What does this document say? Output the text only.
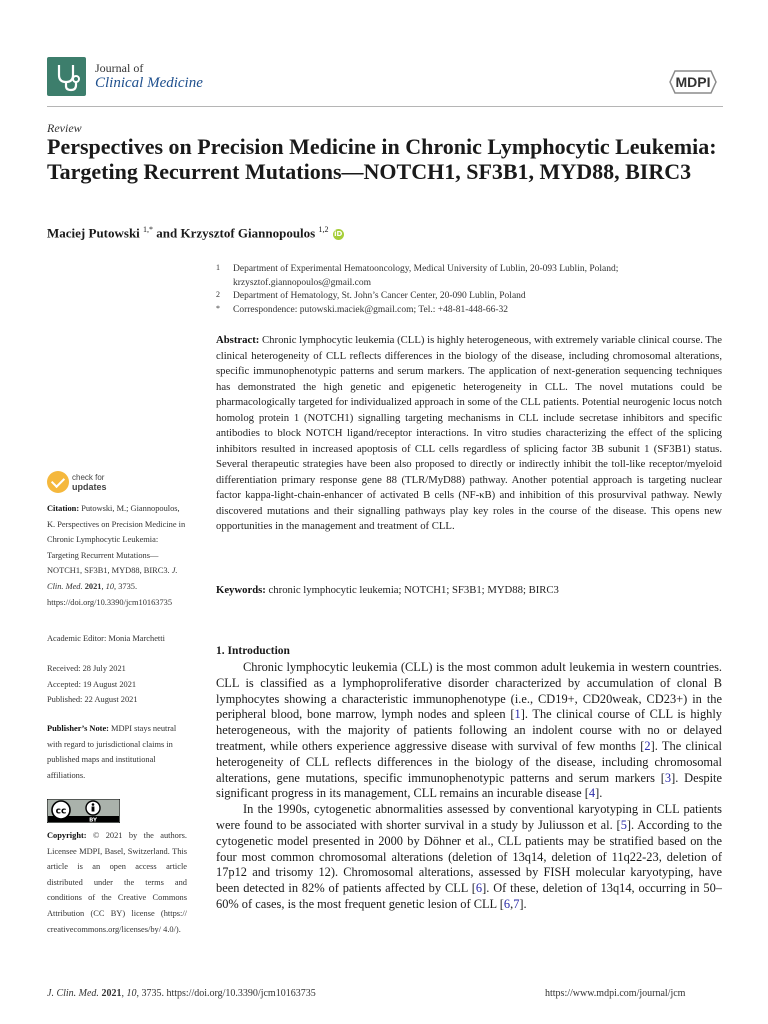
Journal of
Clinical Medicine	MDPI
Review
Perspectives on Precision Medicine in Chronic Lymphocytic Leukemia: Targeting Recurrent Mutations—NOTCH1, SF3B1, MYD88, BIRC3
Maciej Putowski $^{1,*}$ and Krzysztof Giannopoulos $^{1,2}$ iD
1 Department of Experimental Hematooncology, Medical University of Lublin, 20-093 Lublin, Poland;
krzysztof.giannopoulos@gmail.com
2 Department of Hematology, St. John’s Cancer Center, 20-090 Lublin, Poland
* Correspondence: putowski.maciek@gmail.com; Tel.: +48-81-448-66-32
Abstract: Chronic lymphocytic leukemia (CLL) is highly heterogeneous, with extremely variable clinical course. The clinical heterogeneity of CLL reflects differences in the biology of the disease, including chromosomal alterations, specific immunophenotypic patterns and serum markers. The application of next-generation sequencing techniques has demonstrated the high genetic and epigenetic heterogeneity in CLL. The novel mutations could be pharmacologically targeted for individualized approach in some of the CLL patients. Potential neurogenic locus notch homolog protein 1 (NOTCH1) signalling targeting mechanisms in CLL include secretase inhibitors and specific antibodies to block NOTCH ligand/receptor interactions. In vitro studies characterizing the effect of the splicing inhibitors resulted in increased apoptosis of CLL cells regardless of splicing factor 3B subunit 1 (SF3B1) status. Several therapeutic strategies have been also proposed to directly or indirectly inhibit the toll-like receptor/myeloid differentiation primary response gene 88 (TLR/MyD88) pathway. Another potential approach is targeting nuclear factor kappa-light-chain-enhancer of activated B cells (NF-κB) and inhibition of this prosurvival pathway. Newly discovered mutations and their signalling pathways play key roles in the course of the disease. This opens new opportunities in the management and treatment of CLL.
Keywords: chronic lymphocytic leukemia; NOTCH1; SF3B1; MYD88; BIRC3
check for
updates
Citation: Putowski, M.; Giannopoulos, K. Perspectives on Precision Medicine in Chronic Lymphocytic Leukemia: Targeting Recurrent Mutations—NOTCH1, SF3B1, MYD88, BIRC3. J. Clin. Med. 2021, 10, 3735. https://doi.org/10.3390/jcm10163735
Academic Editor: Monia Marchetti
Received: 28 July 2021
Accepted: 19 August 2021
Published: 22 August 2021
Publisher’s Note: MDPI stays neutral with regard to jurisdictional claims in published maps and institutional affiliations.
cc
BY
Copyright: © 2021 by the authors. Licensee MDPI, Basel, Switzerland. This article is an open access article distributed under the terms and conditions of the Creative Commons Attribution (CC BY) license (https:// creativecommons.org/licenses/by/ 4.0/).
1. Introduction

Chronic lymphocytic leukemia (CLL) is the most common adult leukemia in western countries. CLL is classified as a lymphoproliferative disorder characterized by accumulation of clonal B lymphocytes showing a characteristic immunophenotype (i.e., CD19+, CD20weak, CD23+) in the peripheral blood, bone marrow, lymph nodes and spleen [1]. The clinical course of CLL is highly heterogeneous, with the majority of patients following an indolent course with no or delayed treatment, while others experience aggressive disease with survival of few months [2]. The clinical heterogeneity of CLL reflects differences in the biology of the disease, including chromosomal alterations, gene mutations, specific immunophenotypic patterns and serum markers [3]. Despite significant progress in its management, CLL remains an incurable disease [4].

In the 1990s, cytogenetic abnormalities assessed by conventional karyotyping in CLL patients were found to be associated with shorter survival in a study by Juliusson et al. [5]. According to the cytogenetic model presented in 2000 by Döhner et al., CLL patients may be stratified based on the four most common chromosomal alterations (deletion of 13q14, deletion of 11q22-23, deletion of 17p12 and trisomy 12). Chromosomal alterations, assessed by FISH molecular karyotyping, have been detected in 82% of patients affected by CLL [6]. Of these, deletion of 13q14, occurring in 50–60% of cases, is the most frequent genetic lesion of CLL [6,7].

J. Clin. Med. 2021, 10, 3735. https://doi.org/10.3390/jcm10163735	https://www.mdpi.com/journal/jcm
